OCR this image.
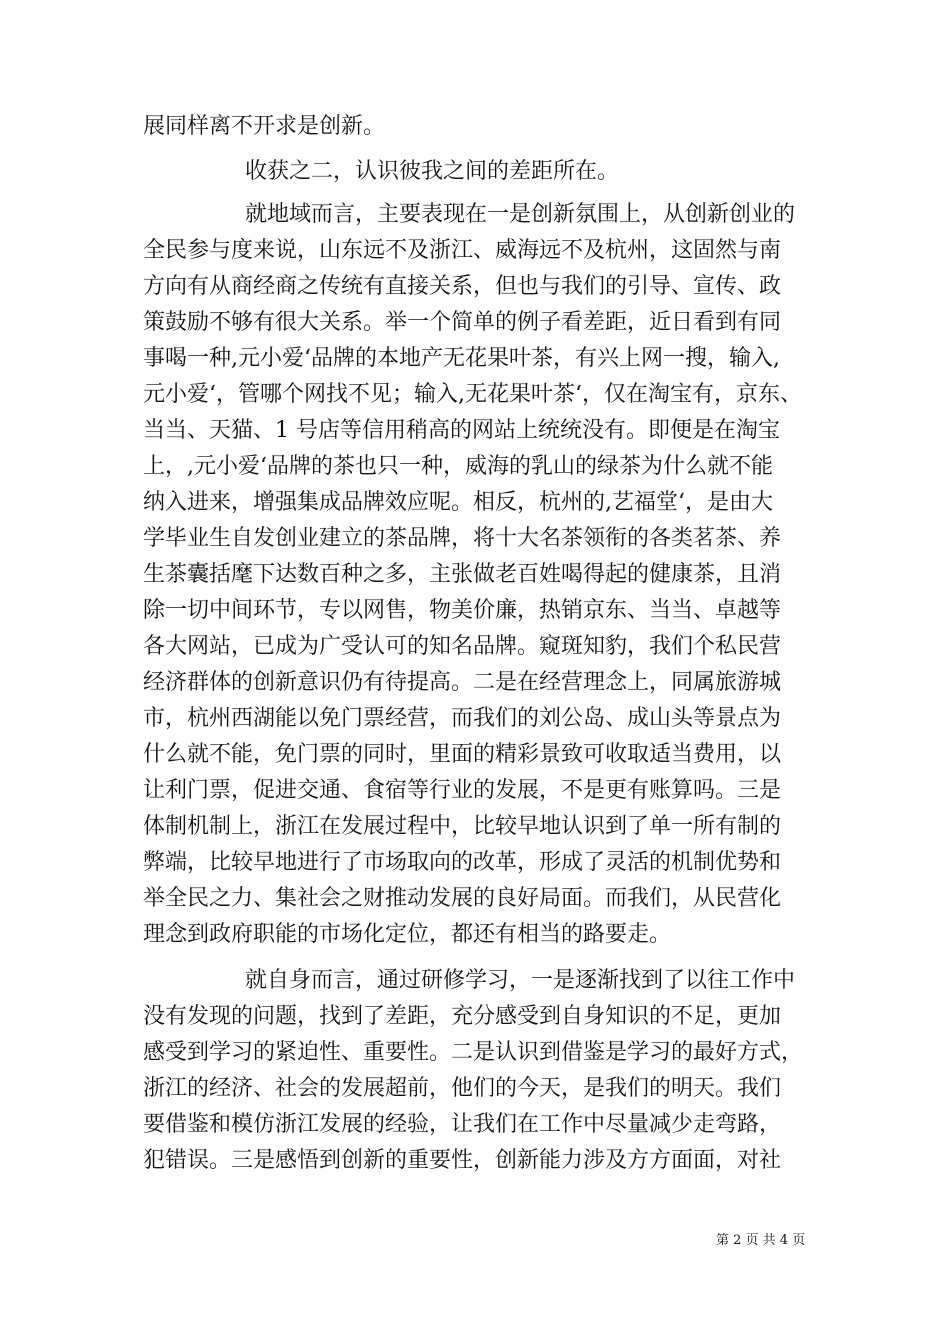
展同样离不开求是创新。
收获之二，认识彼我之间的差距所在。
就地域而言，主要表现在一是创新氛围上，从创新创业的
全民参与度来说，山东远不及浙江、威海远不及杭州，这固然与南
方向有从商经商之传统有直接关系，但也与我们的引导、宣传、政
策鼓励不够有很大关系。举一个简单的例子看差距，近日看到有同
事喝一种,元小爱‘品牌的本地产无花果叶茶，有兴上网一搜，输入,
元小爱‘，管哪个网找不见；输入,无花果叶茶‘，仅在淘宝有，京东、
当当、天猫、1 号店等信用稍高的网站上统统没有。即便是在淘宝
上，,元小爱‘品牌的茶也只一种，威海的乳山的绿茶为什么就不能
纳入进来，增强集成品牌效应呢。相反，杭州的,艺福堂‘，是由大
学毕业生自发创业建立的茶品牌，将十大名茶领衔的各类茗茶、养
生茶囊括麾下达数百种之多，主张做老百姓喝得起的健康茶，且消
除一切中间环节，专以网售，物美价廉，热销京东、当当、卓越等
各大网站，已成为广受认可的知名品牌。窥斑知豹，我们个私民营
经济群体的创新意识仍有待提高。二是在经营理念上，同属旅游城
市，杭州西湖能以免门票经营，而我们的刘公岛、成山头等景点为
什么就不能，免门票的同时，里面的精彩景致可收取适当费用，以
让利门票，促进交通、食宿等行业的发展，不是更有账算吗。三是
体制机制上，浙江在发展过程中，比较早地认识到了单一所有制的
弊端，比较早地进行了市场取向的改革，形成了灵活的机制优势和
举全民之力、集社会之财推动发展的良好局面。而我们，从民营化
理念到政府职能的市场化定位，都还有相当的路要走。
就自身而言，通过研修学习，一是逐渐找到了以往工作中
没有发现的问题，找到了差距，充分感受到自身知识的不足，更加
感受到学习的紧迫性、重要性。二是认识到借鉴是学习的最好方式，
浙江的经济、社会的发展超前，他们的今天，是我们的明天。我们
要借鉴和模仿浙江发展的经验，让我们在工作中尽量减少走弯路，
犯错误。三是感悟到创新的重要性，创新能力涉及方方面面，对社
第 2 页 共 4 页
